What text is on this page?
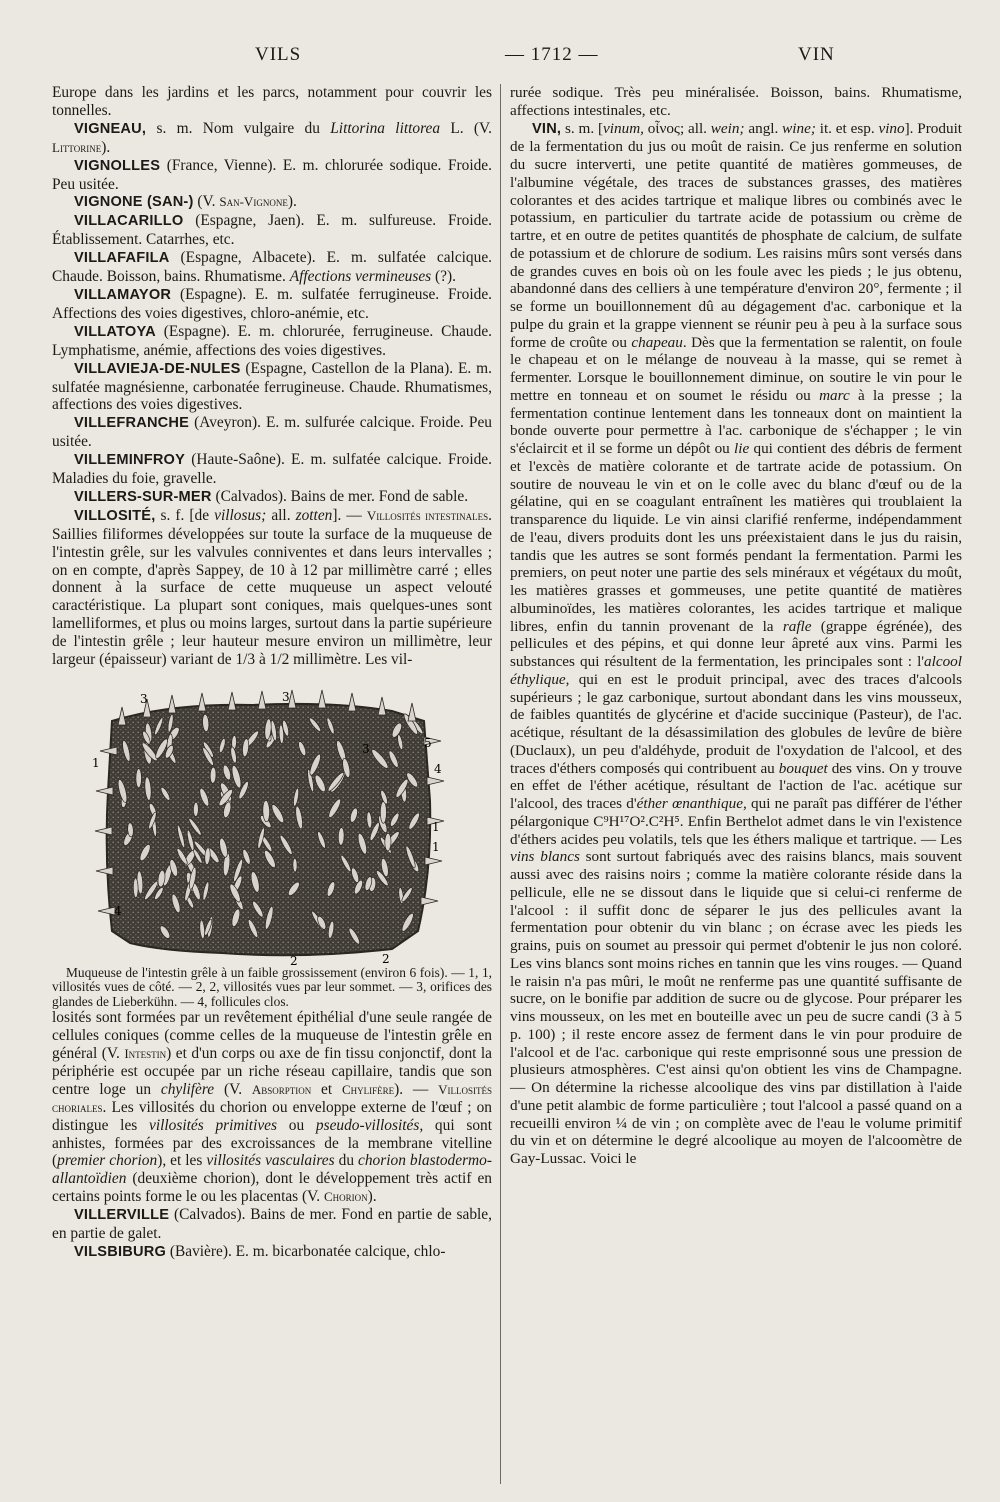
VILS	— 1712 —	VIN

Europe dans les jardins et les parcs, notamment pour couvrir les tonnelles.

VIGNEAU, s. m. Nom vulgaire du Littorina littorea L. (V. Littorine).

VIGNOLLES (France, Vienne). E. m. chlorurée sodique. Froide. Peu usitée.

VIGNONE (SAN-) (V. San-Vignone).

VILLACARILLO (Espagne, Jaen). E. m. sulfureuse. Froide. Établissement. Catarrhes, etc.

VILLAFAFILA (Espagne, Albacete). E. m. sulfatée calcique. Chaude. Boisson, bains. Rhumatisme. Affections vermineuses (?).

VILLAMAYOR (Espagne). E. m. sulfatée ferrugineuse. Froide. Affections des voies digestives, chloro-anémie, etc.

VILLATOYA (Espagne). E. m. chlorurée, ferrugineuse. Chaude. Lymphatisme, anémie, affections des voies digestives.

VILLAVIEJA-DE-NULES (Espagne, Castellon de la Plana). E. m. sulfatée magnésienne, carbonatée ferrugineuse. Chaude. Rhumatismes, affections des voies digestives.

VILLEFRANCHE (Aveyron). E. m. sulfurée calcique. Froide. Peu usitée.

VILLEMINFROY (Haute-Saône). E. m. sulfatée calcique. Froide. Maladies du foie, gravelle.

VILLERS-SUR-MER (Calvados). Bains de mer. Fond de sable.

VILLOSITÉ, s. f. [de villosus; all. zotten]. — Villosités intestinales. Saillies filiformes développées sur toute la surface de la muqueuse de l'intestin grêle, sur les valvules conniventes et dans leurs intervalles ; on en compte, d'après Sappey, de 10 à 12 par millimètre carré ; elles donnent à la surface de cette muqueuse un aspect velouté caractéristique. La plupart sont coniques, mais quelques-unes sont lamelliformes, et plus ou moins larges, surtout dans la partie supérieure de l'intestin grêle ; leur hauteur mesure environ un millimètre, leur largeur (épaisseur) variant de 1/3 à 1/2 millimètre. Les vil-

3	3
3	5
4
1
1
1
4
2	2

Muqueuse de l'intestin grêle à un faible grossissement (environ 6 fois). — 1, 1, villosités vues de côté. — 2, 2, villosités vues par leur sommet. — 3, orifices des glandes de Lieberkühn. — 4, follicules clos.

losités sont formées par un revêtement épithélial d'une seule rangée de cellules coniques (comme celles de la muqueuse de l'intestin grêle en général (V. Intestin) et d'un corps ou axe de fin tissu conjonctif, dont la périphérie est occupée par un riche réseau capillaire, tandis que son centre loge un chylifère (V. Absorption et Chylifère). — Villosités choriales. Les villosités du chorion ou enveloppe externe de l'œuf ; on distingue les villosités primitives ou pseudo-villosités, qui sont anhistes, formées par des excroissances de la membrane vitelline (premier chorion), et les villosités vasculaires du chorion blastodermo-allantoïdien (deuxième chorion), dont le développement très actif en certains points forme le ou les placentas (V. Chorion).

VILLERVILLE (Calvados). Bains de mer. Fond en partie de sable, en partie de galet.

VILSBIBURG (Bavière). E. m. bicarbonatée calcique, chlo-

rurée sodique. Très peu minéralisée. Boisson, bains. Rhumatisme, affections intestinales, etc.

VIN, s. m. [vinum, οἶνος; all. wein; angl. wine; it. et esp. vino]. Produit de la fermentation du jus ou moût de raisin. Ce jus renferme en solution du sucre interverti, une petite quantité de matières gommeuses, de l'albumine végétale, des traces de substances grasses, des matières colorantes et des acides tartrique et malique libres ou combinés avec le potassium, en particulier du tartrate acide de potassium ou crème de tartre, et en outre de petites quantités de phosphate de calcium, de sulfate de potassium et de chlorure de sodium. Les raisins mûrs sont versés dans de grandes cuves en bois où on les foule avec les pieds ; le jus obtenu, abandonné dans des celliers à une température d'environ 20°, fermente ; il se forme un bouillonnement dû au dégagement d'ac. carbonique et la pulpe du grain et la grappe viennent se réunir peu à peu à la surface sous forme de croûte ou chapeau. Dès que la fermentation se ralentit, on foule le chapeau et on le mélange de nouveau à la masse, qui se remet à fermenter. Lorsque le bouillonnement diminue, on soutire le vin pour le mettre en tonneau et on soumet le résidu ou marc à la presse ; la fermentation continue lentement dans les tonneaux dont on maintient la bonde ouverte pour permettre à l'ac. carbonique de s'échapper ; le vin s'éclaircit et il se forme un dépôt ou lie qui contient des débris de ferment et l'excès de matière colorante et de tartrate acide de potassium. On soutire de nouveau le vin et on le colle avec du blanc d'œuf ou de la gélatine, qui en se coagulant entraînent les matières qui troublaient la transparence du liquide. Le vin ainsi clarifié renferme, indépendamment de l'eau, divers produits dont les uns préexistaient dans le jus du raisin, tandis que les autres se sont formés pendant la fermentation. Parmi les premiers, on peut noter une partie des sels minéraux et végétaux du moût, les matières grasses et gommeuses, une petite quantité de matières albuminoïdes, les matières colorantes, les acides tartrique et malique libres, enfin du tannin provenant de la rafle (grappe égrénée), des pellicules et des pépins, et qui donne leur âpreté aux vins. Parmi les substances qui résultent de la fermentation, les principales sont : l'alcool éthylique, qui en est le produit principal, avec des traces d'alcools supérieurs ; le gaz carbonique, surtout abondant dans les vins mousseux, de faibles quantités de glycérine et d'acide succinique (Pasteur), de l'ac. acétique, résultant de la désassimilation des globules de levûre de bière (Duclaux), un peu d'aldéhyde, produit de l'oxydation de l'alcool, et des traces d'éthers composés qui contribuent au bouquet des vins. On y trouve en effet de l'éther acétique, résultant de l'action de l'ac. acétique sur l'alcool, des traces d'éther œnanthique, qui ne paraît pas différer de l'éther pélargonique C⁹H¹⁷O².C²H⁵. Enfin Berthelot admet dans le vin l'existence d'éthers acides peu volatils, tels que les éthers malique et tartrique. — Les vins blancs sont surtout fabriqués avec des raisins blancs, mais souvent aussi avec des raisins noirs ; comme la matière colorante réside dans la pellicule, elle ne se dissout dans le liquide que si celui-ci renferme de l'alcool : il suffit donc de séparer le jus des pellicules avant la fermentation pour obtenir du vin blanc ; on écrase avec les pieds les grains, puis on soumet au pressoir qui permet d'obtenir le jus non coloré. Les vins blancs sont moins riches en tannin que les vins rouges. — Quand le raisin n'a pas mûri, le moût ne renferme pas une quantité suffisante de sucre, on le bonifie par addition de sucre ou de glycose. Pour préparer les vins mousseux, on les met en bouteille avec un peu de sucre candi (3 à 5 p. 100) ; il reste encore assez de ferment dans le vin pour produire de l'alcool et de l'ac. carbonique qui reste emprisonné sous une pression de plusieurs atmosphères. C'est ainsi qu'on obtient les vins de Champagne. — On détermine la richesse alcoolique des vins par distillation à l'aide d'une petit alambic de forme particulière ; tout l'alcool a passé quand on a recueilli environ ¼ de vin ; on complète avec de l'eau le volume primitif du vin et on détermine le degré alcoolique au moyen de l'alcoomètre de Gay-Lussac. Voici le
